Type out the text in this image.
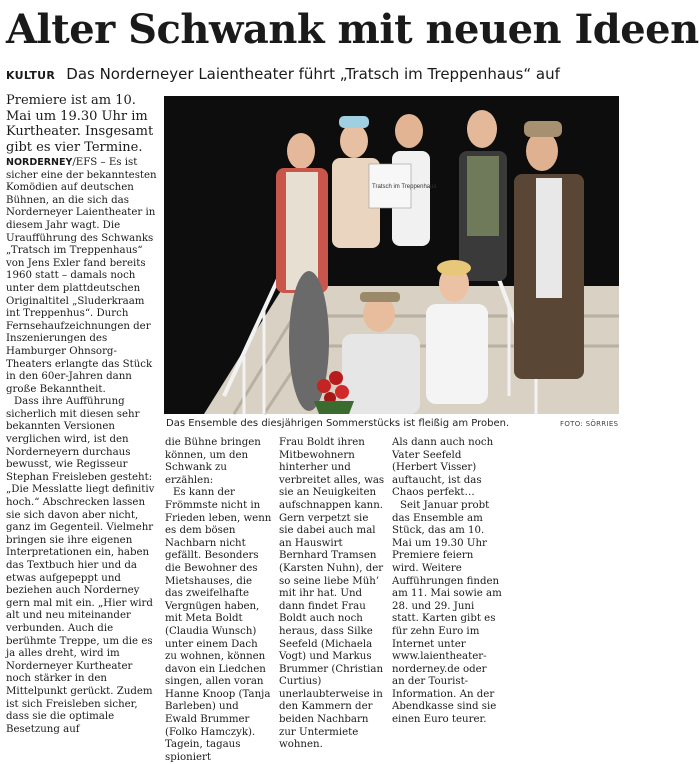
Alter Schwank mit neuen Ideen
KULTUR Das Norderneyer Laientheater führt „Tratsch im Treppenhaus“ auf
Premiere ist am 10. Mai um 19.30 Uhr im Kurtheater. Insgesamt gibt es vier Termine.

NORDERNEY/EFS – Es ist sicher eine der bekanntesten Komödien auf deutschen Bühnen, an die sich das Norderneyer Laientheater in diesem Jahr wagt. Die Uraufführung des Schwanks „Tratsch im Treppenhaus“ von Jens Exler fand bereits 1960 statt – damals noch unter dem plattdeutschen Originaltitel „Sluderkraam int Treppenhus“. Durch Fernsehaufzeichnungen der Inszenierungen des Hamburger Ohnsorg-Theaters erlangte das Stück in den 60er-Jahren dann große Bekanntheit.

Dass ihre Aufführung sicherlich mit diesen sehr bekannten Versionen verglichen wird, ist den Norderneyern durchaus bewusst, wie Regisseur Stephan Freisleben gesteht: „Die Messlatte liegt definitiv hoch.“ Abschrecken lassen sie sich davon aber nicht, ganz im Gegenteil. Vielmehr bringen sie ihre eigenen Interpretationen ein, haben das Textbuch hier und da etwas aufgepeppt und beziehen auch Norderney gern mal mit ein. „Hier wird alt und neu miteinander verbunden. Auch die berühmte Treppe, um die es ja alles dreht, wird im Norderneyer Kurtheater noch stärker in den Mittelpunkt gerückt. Zudem ist sich Freisleben sicher, dass sie die optimale Besetzung auf

Tratsch im Treppenhaus
Das Ensemble des diesjährigen Sommerstücks ist fleißig am Proben.	FOTO: SÖRRIES

die Bühne bringen können, um den Schwank zu erzählen:

Es kann der Frömmste nicht in Frieden leben, wenn es dem bösen Nachbarn nicht gefällt. Besonders die Bewohner des Mietshauses, die das zweifelhafte Vergnügen haben, mit Meta Boldt (Claudia Wunsch) unter einem Dach zu wohnen, können davon ein Liedchen singen, allen voran Hanne Knoop (Tanja Barleben) und Ewald Brummer (Folko Hamczyk). Tagein, tagaus spioniert

Frau Boldt ihren Mitbewohnern hinterher und verbreitet alles, was sie an Neuigkeiten aufschnappen kann. Gern verpetzt sie sie dabei auch mal an Hauswirt Bernhard Tramsen (Karsten Nuhn), der so seine liebe Müh’ mit ihr hat. Und dann findet Frau Boldt auch noch heraus, dass Silke Seefeld (Michaela Vogt) und Markus Brummer (Christian Curtius) unerlaubterweise in den Kammern der beiden Nachbarn zur Untermiete wohnen.

Als dann auch noch Vater Seefeld (Herbert Visser) auftaucht, ist das Chaos perfekt…

Seit Januar probt das Ensemble am Stück, das am 10. Mai um 19.30 Uhr Premiere feiern wird. Weitere Aufführungen finden am 11. Mai sowie am 28. und 29. Juni statt. Karten gibt es für zehn Euro im Internet unter www.laientheater-norderney.de oder an der Tourist-Information. An der Abendkasse sind sie einen Euro teurer.
